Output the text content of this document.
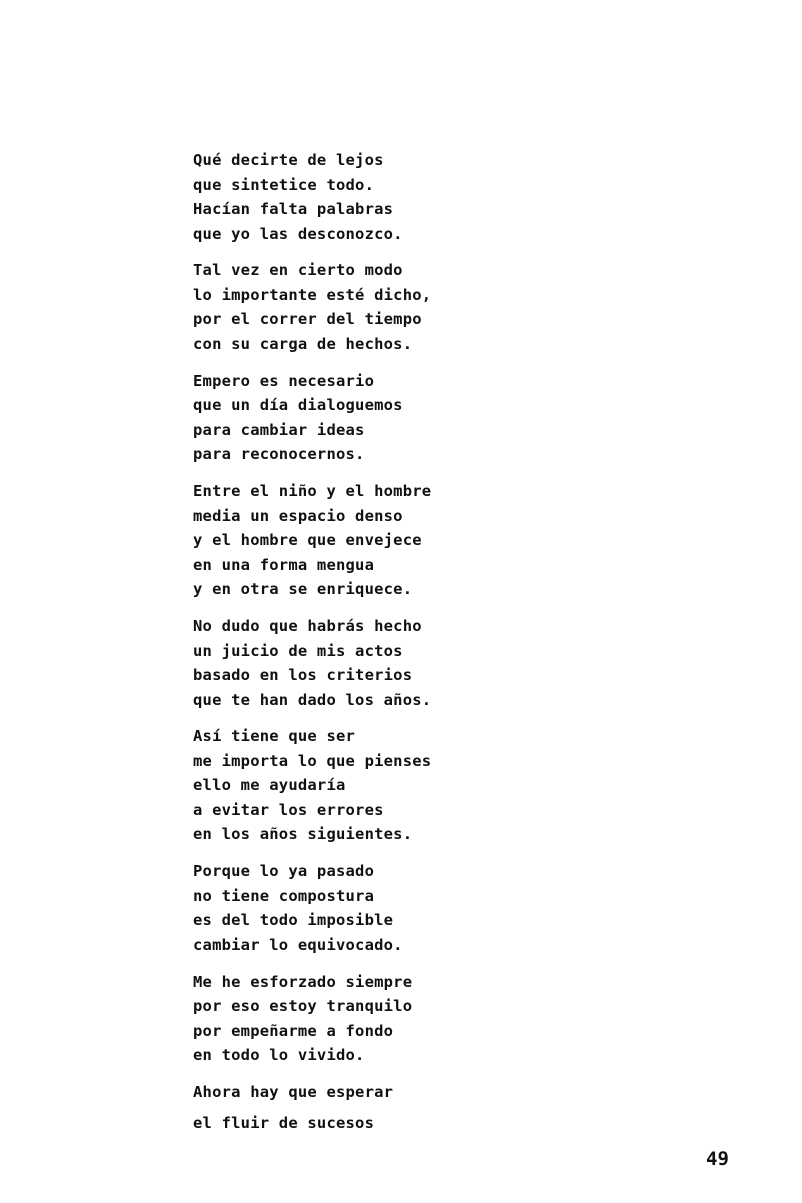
Qué decirte de lejos
que sintetice todo.
Hacían falta palabras
que yo las desconozco.
Tal vez en cierto modo
lo importante esté dicho,
por el correr del tiempo
con su carga de hechos.
Empero es necesario
que un día dialoguemos
para cambiar ideas
para reconocernos.
Entre el niño y el hombre
media un espacio denso
y el hombre que envejece
en una forma mengua
y en otra se enriquece.
No dudo que habrás hecho
un juicio de mis actos
basado en los criterios
que te han dado los años.
Así tiene que ser
me importa lo que pienses
ello me ayudaría
a evitar los errores
en los años siguientes.
Porque lo ya pasado
no tiene compostura
es del todo imposible
cambiar lo equivocado.
Me he esforzado siempre
por eso estoy tranquilo
por empeñarme a fondo
en todo lo vivido.
Ahora hay que esperar
el fluir de sucesos
49
